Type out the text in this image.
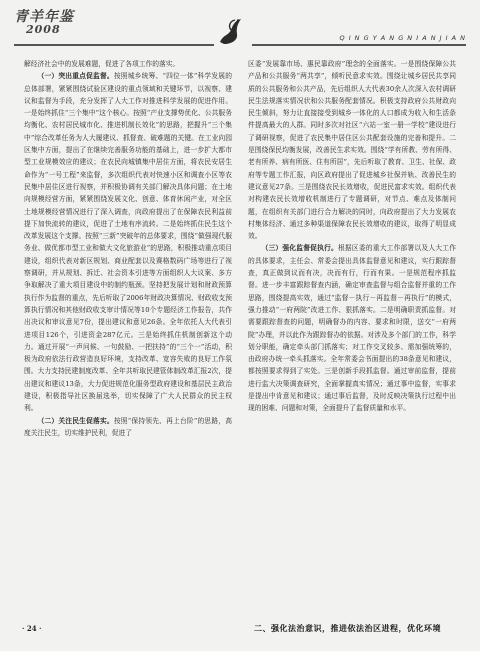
青羊年鉴
2008
Q I N G Y A N G N I A N J I A N

解经济社会中的发展难题，促进了各项工作的落实。

（一）突出重点促监督。按照城乡统筹、“四位一体”科学发展的总体部署，紧紧围绕试验区建设的重点领域和关键环节，以视察、建议和监督为手段，充分发挥了人大工作对推进科学发展的促进作用。一是始终抓住“三个集中”这个核心。按照“产业支撑势优化、公共服务均衡化、农村居民城市化、推进机制长效化”的思路，把握升“三个集中”综合改革任务为人大履建议、抓督查、破难题的关键。在工业向园区集中方面，提出了在继续完善服务功能的基础上，进一步扩大都市型工业规模效应的建议；在农民向城镇集中居住方面，将农民安居生命作为“一号工程”来监督，多次组织代表对快速小区和调查小区等农民集中居住区进行视察，并积极协调有关部门解决具体问题；在土地向规模经营方面，紧紧围绕发展文化、创意、体育休闲产业，对全区土地规模经营情况进行了深入调查，向政府提出了在保障农民利益前提下加快流转的建议，促进了土地有序流转。二是始终抓住民生这个改革发展这个支撑。按照“三新”突破年的总体要求，围绕“做强现代服务业、做优都市型工业和做大文化旅游业”的思路，积极推动重点项目建设，组织代表对新区规划、商业配套以及赛格数码广场等进行了视察调研，并从规划、拆迁、社会资本引进等方面组织人大议案、多方争取解决了重大项目建设中的制约瓶颈。坚持把发展计划和财政预算执行作为监督的重点，先后听取了2006年财政决算情况、财政收支预算执行情况和其他财政收支审计情况等10个专题经济工作报告，共作出决议和审议意见7份，提出建议和意见26条。全年依托人大代表引进项目126个，引进资金287亿元。三是始终抓住机制创新这个动力。通过开展“一声问候、一句鼓励、一把扶持”的“三个一”活动，积极为政府依法行政营造良好环境，支持改革、宽容失败的良好工作氛围。大力支持民建制度改革、全年共听取民建管体制改革汇报2次，提出建议和建议13条，大力促进规范化服务型政府建设和基层民主政治建设，积极指导社区换届选举，切实保障了广大人民群众的民主权利。

（二）关注民生促落实。按照“保持领先、再上台阶”的思路，高度关注民生，切实维护民利，促进了

区委“发展靠市场、惠民靠政府”理念的全面落实。一是围绕保障公共产品和公共服务“两共享”，倾听民意求实效。围绕让城乡居民共享同质的公共服务和公共产品，先后组织人大代表30余人次深入农村调研民生法规落实情况状和公共服务配套情况。积极支持政府公共财政向民生倾斜，努力让直接接受到城乡一体化的人口都成为收入和生活条件提高最大的人群。同时多次对社区“六站一室一册一学校”建设进行了调研视察，促进了农民集中居住区公共配套设施的完善和提升。二是围绕保民均衡发展，改善民生求实效。围绕“学有所教、劳有所得、老有所养、病有所医、住有所居”，先后听取了教育、卫生、社保、政府等专题工作汇报，向区政府提出了促进城乡社保并轨、改善民生的建议意见27条。三是围绕农民长效增收，促进民富求实效。组织代表对构建农民长效增收机制进行了专题调研，对节点、难点及体制问题，在组织有关部门进行合力解决的同时，向政府提出了大力发展农村集体经济、通过多种渠道保障农民长效增收的建议，取得了明显成效。

（三）强化监督促执行。根据区委的重大工作部署以及人大工作的具体要求，主任会、常委会提出具体监督意见和建议，实行跟踪督查，真正做到议而有决，决而有行，行而有果。一是规范程序抓监督。进一步丰富跟踪督查内涵，确定审查监督与组合监督并重的工作思路，围绕提高实效，通过“监督－执行－再监督－再执行”的模式，强力推动“一府两院”改进工作、狠抓落实。二是明确职责抓监督。对需要跟踪督查的问题，明确督办的内容、要求和时限，送交“一府两院”办理，并以此作为跟踪督办的依据。对涉及多个部门的工作，科学划分职能，确定牵头部门抓落实；对工作交叉较多、需加强统筹的，由政府办统一牵头抓落实。全年常委会书面提出的38条意见和建议，都按照要求得到了实处。三是创新手段抓监督。通过审前监督，提前进行监大决策调查研究，全面掌握真实情况；通过事中监督，实事求是提出中肯意见和建议；通过事后监督，及时反映决策执行过程中出现的困难、问题和对策，全面提升了监督质量和水平。

· 24 ·	二、强化法治意识，推进依法治区进程，优化环境
